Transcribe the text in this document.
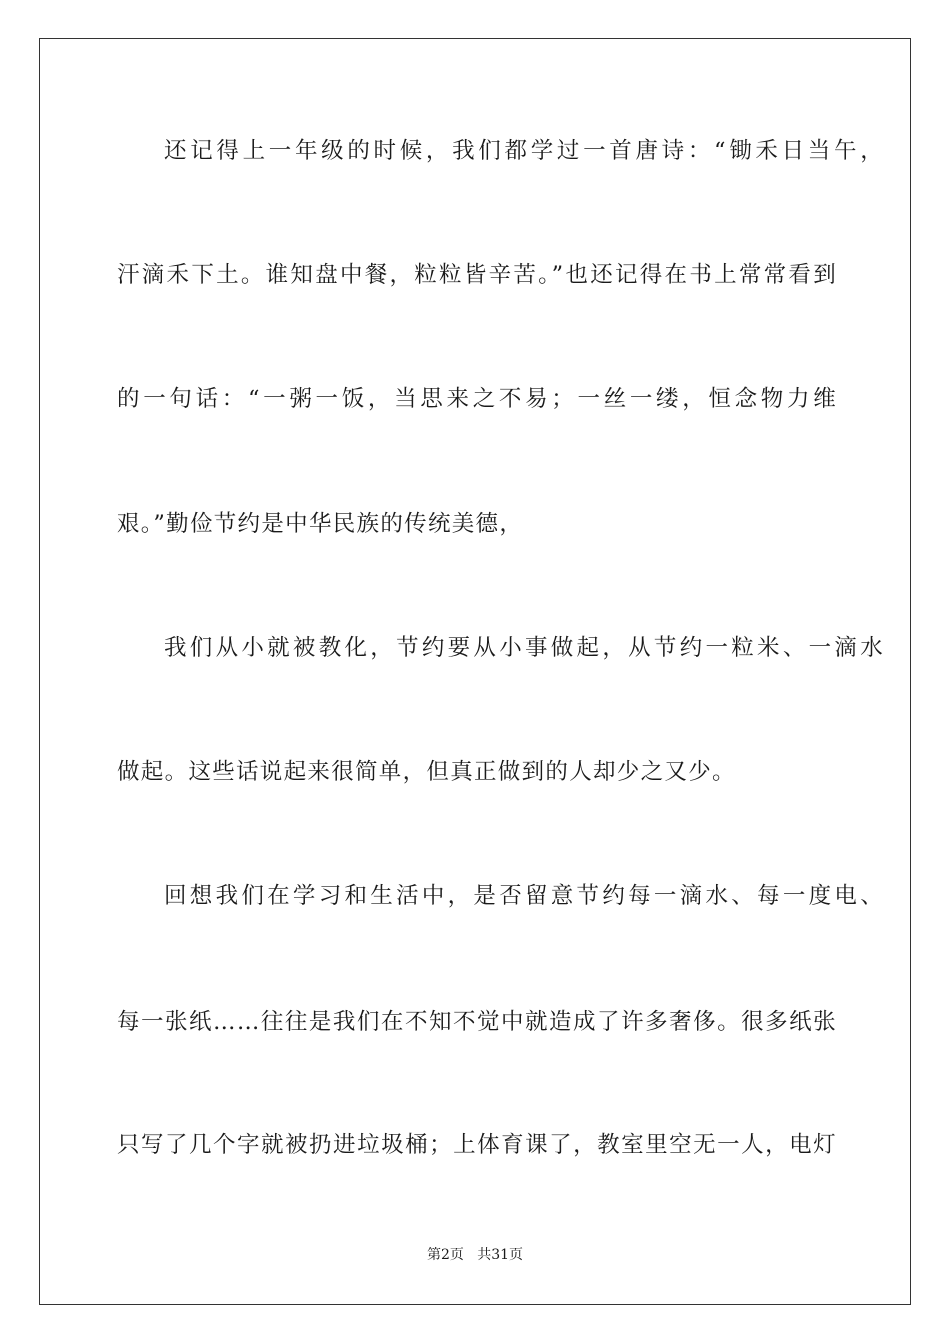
还记得上一年级的时候，我们都学过一首唐诗：“锄禾日当午，
汗滴禾下土。谁知盘中餐，粒粒皆辛苦。”也还记得在书上常常看到
的一句话：“一粥一饭，当思来之不易；一丝一缕，恒念物力维
艰。”勤俭节约是中华民族的传统美德，
我们从小就被教化，节约要从小事做起，从节约一粒米、一滴水
做起。这些话说起来很简单，但真正做到的人却少之又少。
回想我们在学习和生活中，是否留意节约每一滴水、每一度电、
每一张纸……往往是我们在不知不觉中就造成了许多奢侈。很多纸张
只写了几个字就被扔进垃圾桶；上体育课了，教室里空无一人，电灯
第2页   共31页
